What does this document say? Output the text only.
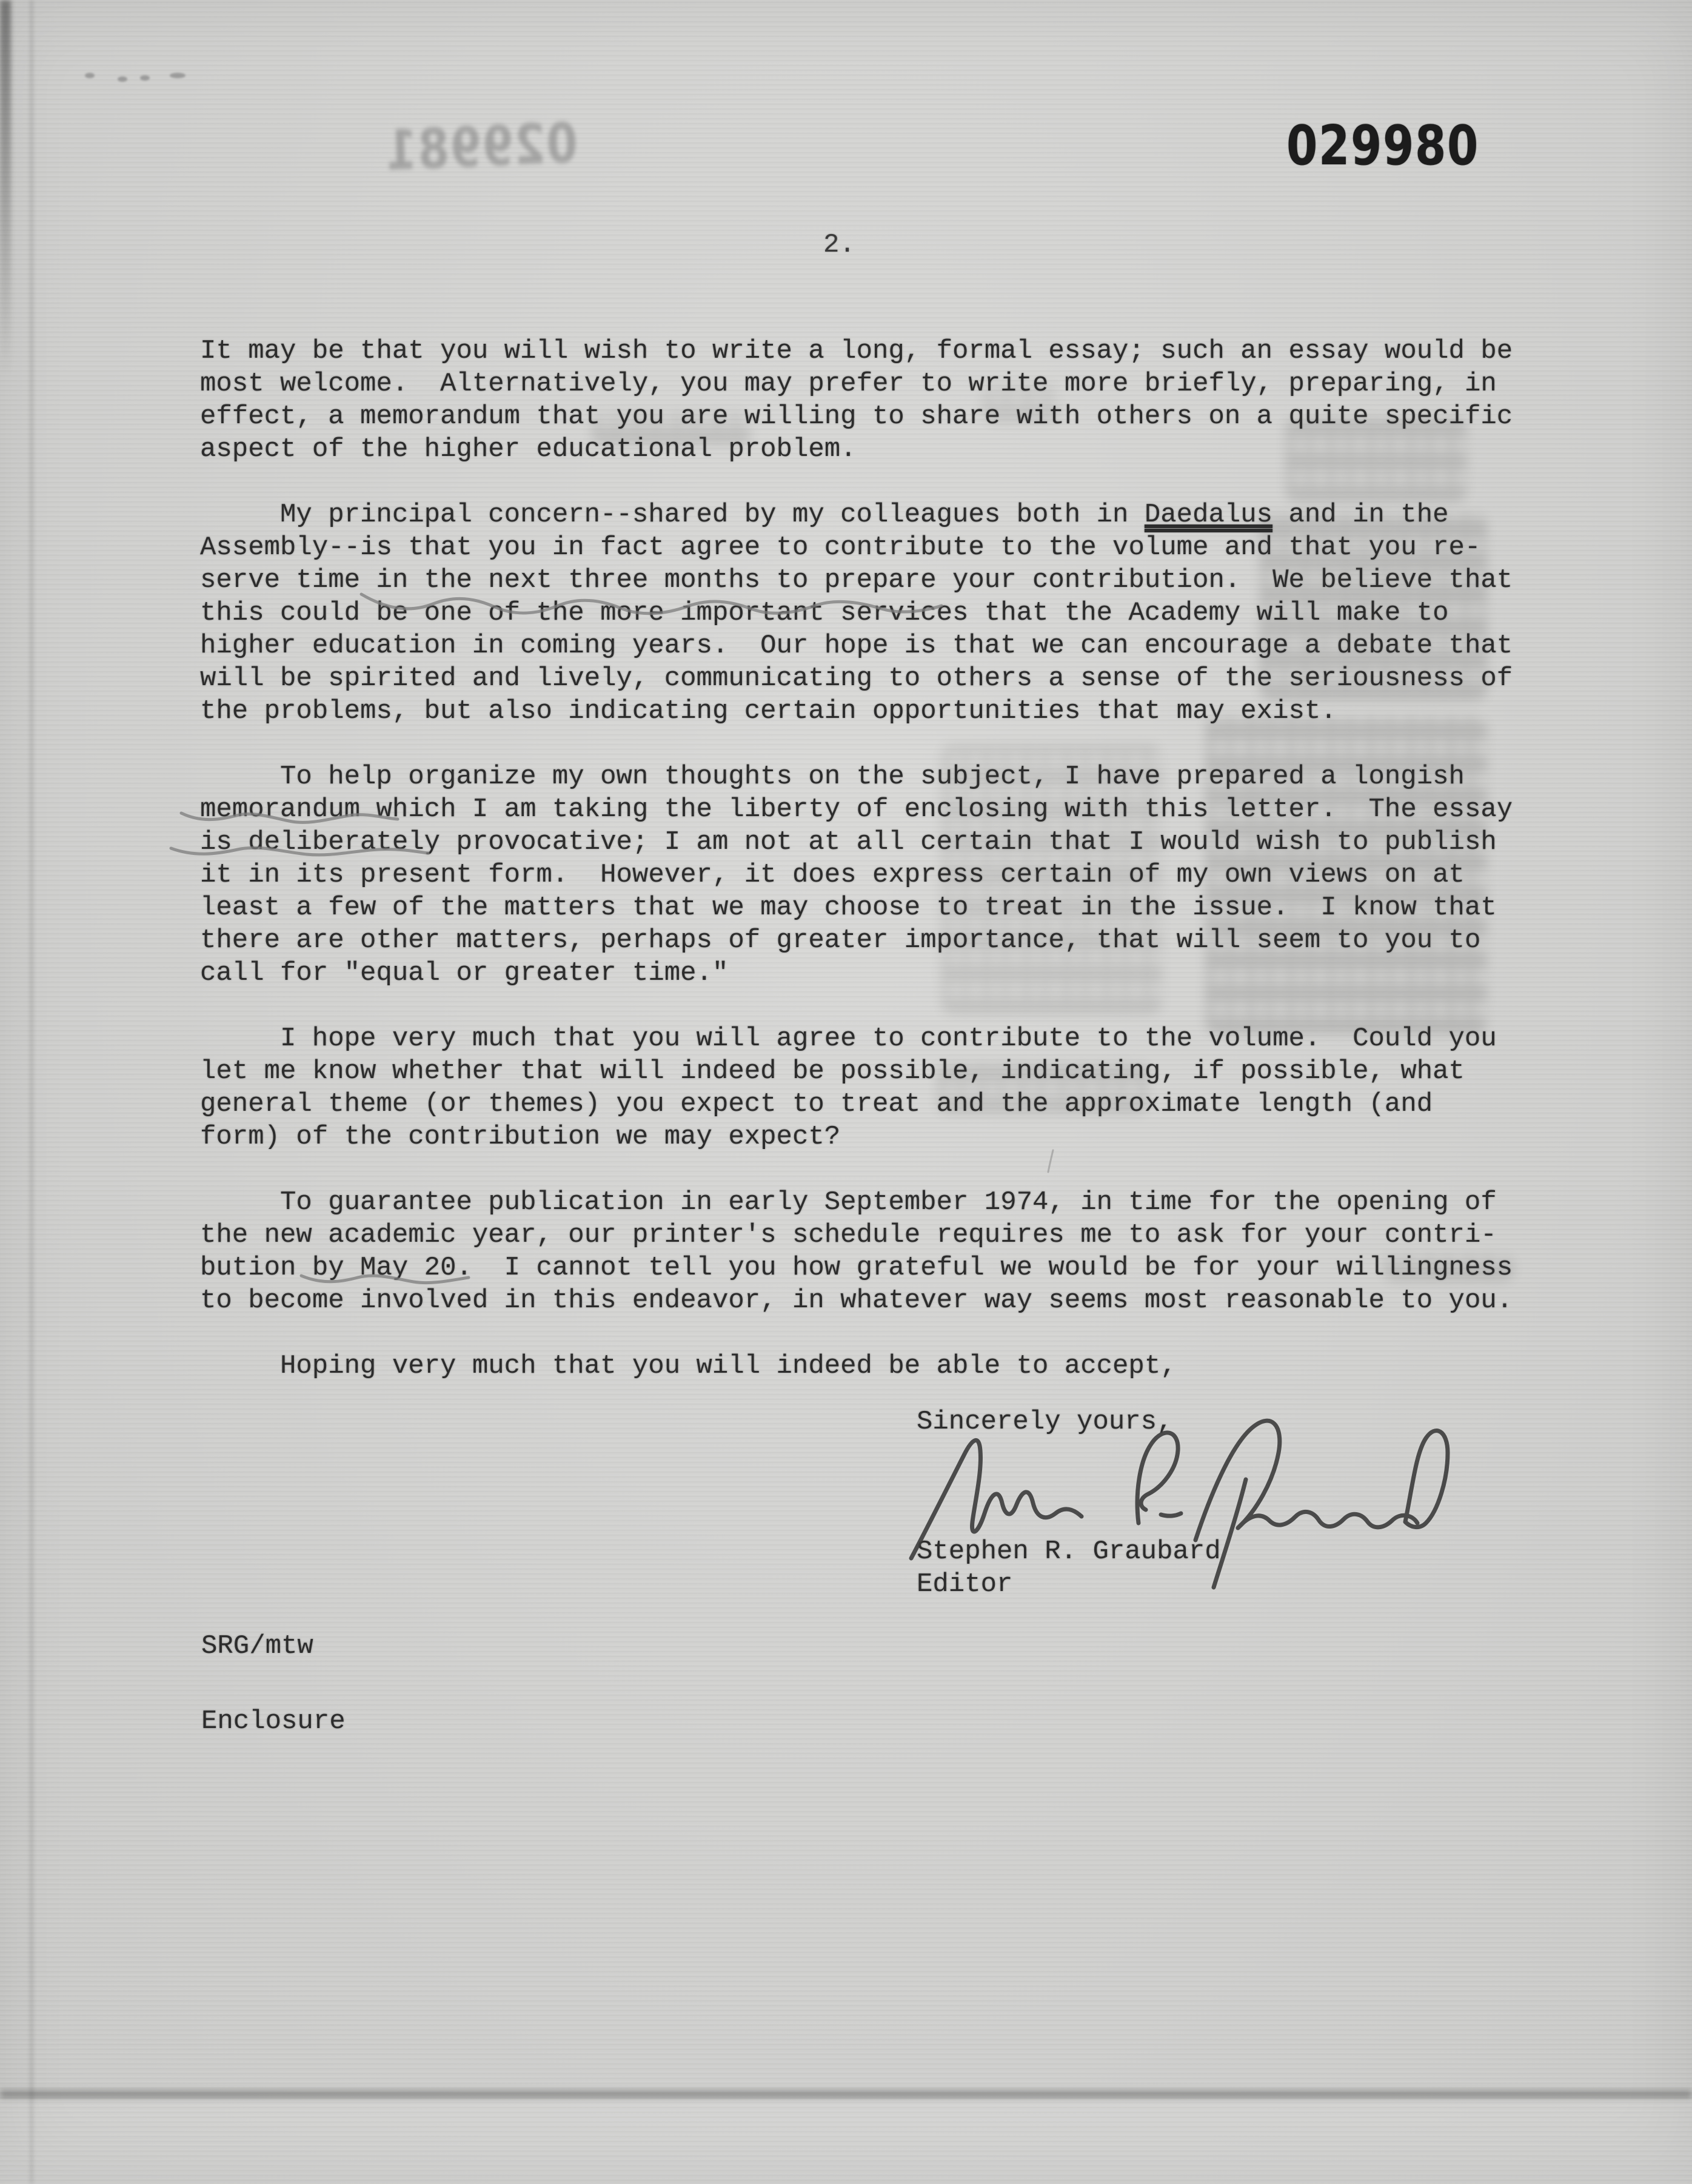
029981	029980
2.
It may be that you will wish to write a long, formal essay; such an essay would be
most welcome.  Alternatively, you may prefer to write more briefly, preparing, in
effect, a memorandum that you are willing to share with others on a quite specific
aspect of the higher educational problem.
My principal concern--shared by my colleagues both in Daedalus and in the
Assembly--is that you in fact agree to contribute to the volume and that you re-
serve time in the next three months to prepare your contribution.  We believe that
this could be one of the more important services that the Academy will make to
higher education in coming years.  Our hope is that we can encourage a debate that
will be spirited and lively, communicating to others a sense of the seriousness of
the problems, but also indicating certain opportunities that may exist.
To help organize my own thoughts on the subject, I have prepared a longish
memorandum which I am taking the liberty of enclosing with this letter.  The essay
is deliberately provocative; I am not at all certain that I would wish to publish
it in its present form.  However, it does express certain of my own views on at
least a few of the matters that we may choose to treat in the issue.  I know that
there are other matters, perhaps of greater importance, that will seem to you to
call for "equal or greater time."
I hope very much that you will agree to contribute to the volume.  Could you
let me know whether that will indeed be possible, indicating, if possible, what
general theme (or themes) you expect to treat and the approximate length (and
form) of the contribution we may expect?
To guarantee publication in early September 1974, in time for the opening of
the new academic year, our printer's schedule requires me to ask for your contri-
bution by May 20.  I cannot tell you how grateful we would be for your willingness
to become involved in this endeavor, in whatever way seems most reasonable to you.
Hoping very much that you will indeed be able to accept,
Sincerely yours,
Stephen R. Graubard
Editor
SRG/mtw
Enclosure
